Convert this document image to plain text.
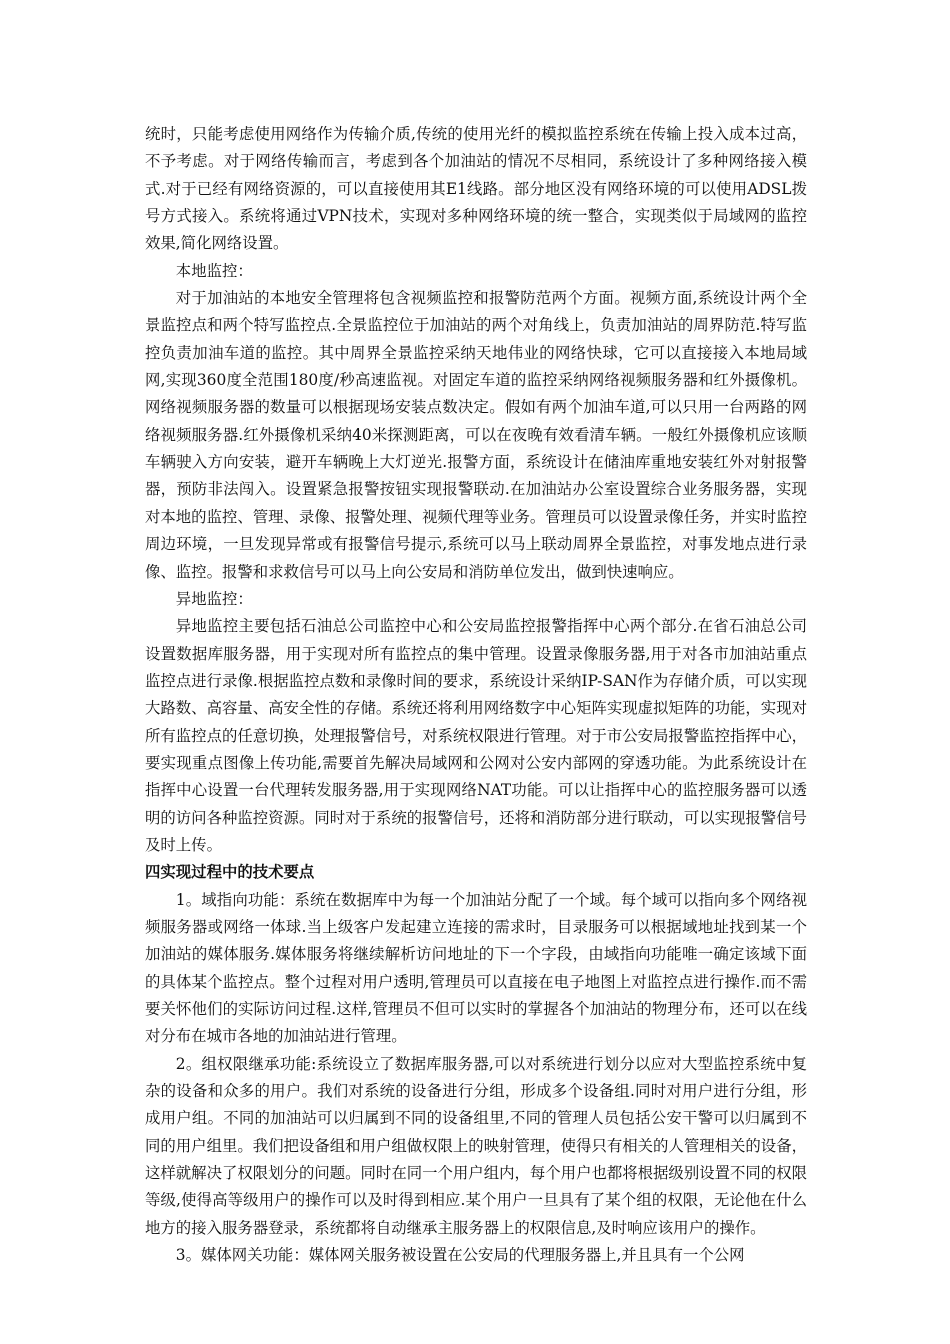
统时，只能考虑使用网络作为传输介质,传统的使用光纤的模拟监控系统在传输上投入成本过高，不予考虑。对于网络传输而言，考虑到各个加油站的情况不尽相同，系统设计了多种网络接入模式.对于已经有网络资源的，可以直接使用其E1线路。部分地区没有网络环境的可以使用ADSL拨号方式接入。系统将通过VPN技术，实现对多种网络环境的统一整合，实现类似于局域网的监控效果,简化网络设置。

本地监控：

对于加油站的本地安全管理将包含视频监控和报警防范两个方面。视频方面,系统设计两个全景监控点和两个特写监控点.全景监控位于加油站的两个对角线上，负责加油站的周界防范.特写监控负责加油车道的监控。其中周界全景监控采纳天地伟业的网络快球，它可以直接接入本地局域网,实现360度全范围180度/秒高速监视。对固定车道的监控采纳网络视频服务器和红外摄像机。网络视频服务器的数量可以根据现场安装点数决定。假如有两个加油车道,可以只用一台两路的网络视频服务器.红外摄像机采纳40米探测距离，可以在夜晚有效看清车辆。一般红外摄像机应该顺车辆驶入方向安装，避开车辆晚上大灯逆光.报警方面，系统设计在储油库重地安装红外对射报警器，预防非法闯入。设置紧急报警按钮实现报警联动.在加油站办公室设置综合业务服务器，实现对本地的监控、管理、录像、报警处理、视频代理等业务。管理员可以设置录像任务，并实时监控周边环境，一旦发现异常或有报警信号提示,系统可以马上联动周界全景监控，对事发地点进行录像、监控。报警和求救信号可以马上向公安局和消防单位发出，做到快速响应。

异地监控：

异地监控主要包括石油总公司监控中心和公安局监控报警指挥中心两个部分.在省石油总公司设置数据库服务器，用于实现对所有监控点的集中管理。设置录像服务器,用于对各市加油站重点监控点进行录像.根据监控点数和录像时间的要求，系统设计采纳IP-SAN作为存储介质，可以实现大路数、高容量、高安全性的存储。系统还将利用网络数字中心矩阵实现虚拟矩阵的功能，实现对所有监控点的任意切换，处理报警信号，对系统权限进行管理。对于市公安局报警监控指挥中心，要实现重点图像上传功能,需要首先解决局域网和公网对公安内部网的穿透功能。为此系统设计在指挥中心设置一台代理转发服务器,用于实现网络NAT功能。可以让指挥中心的监控服务器可以透明的访问各种监控资源。同时对于系统的报警信号，还将和消防部分进行联动，可以实现报警信号及时上传。

四实现过程中的技术要点

1。域指向功能：系统在数据库中为每一个加油站分配了一个域。每个域可以指向多个网络视频服务器或网络一体球.当上级客户发起建立连接的需求时，目录服务可以根据域地址找到某一个加油站的媒体服务.媒体服务将继续解析访问地址的下一个字段，由域指向功能唯一确定该域下面的具体某个监控点。整个过程对用户透明,管理员可以直接在电子地图上对监控点进行操作.而不需要关怀他们的实际访问过程.这样,管理员不但可以实时的掌握各个加油站的物理分布，还可以在线对分布在城市各地的加油站进行管理。

2。组权限继承功能:系统设立了数据库服务器,可以对系统进行划分以应对大型监控系统中复杂的设备和众多的用户。我们对系统的设备进行分组，形成多个设备组.同时对用户进行分组，形成用户组。不同的加油站可以归属到不同的设备组里,不同的管理人员包括公安干警可以归属到不同的用户组里。我们把设备组和用户组做权限上的映射管理，使得只有相关的人管理相关的设备，这样就解决了权限划分的问题。同时在同一个用户组内，每个用户也都将根据级别设置不同的权限等级,使得高等级用户的操作可以及时得到相应.某个用户一旦具有了某个组的权限，无论他在什么地方的接入服务器登录，系统都将自动继承主服务器上的权限信息,及时响应该用户的操作。

3。媒体网关功能：媒体网关服务被设置在公安局的代理服务器上,并且具有一个公网
